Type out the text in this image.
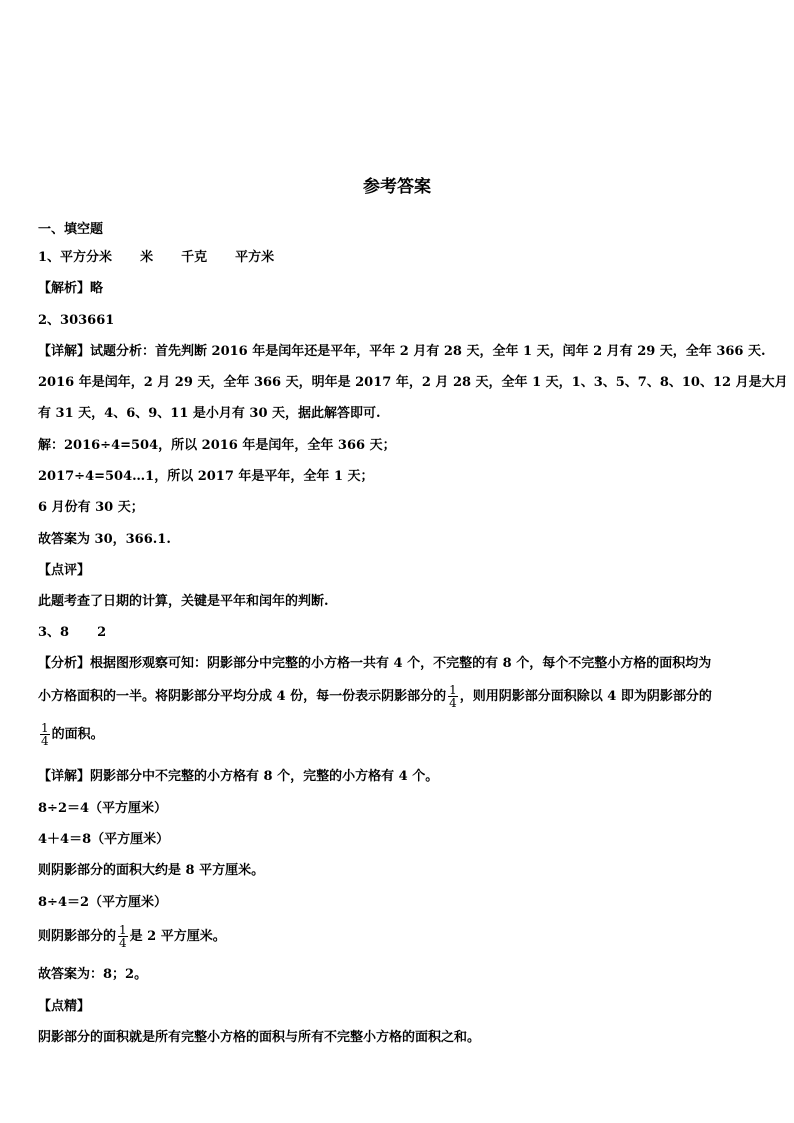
参考答案
一、填空题
1、平方分米 米 千克 平方米
【解析】略
2、303661
【详解】试题分析：首先判断 2016 年是闰年还是平年，平年 2 月有 28 天，全年 1 天，闰年 2 月有 29 天，全年 366 天.
2016 年是闰年，2 月 29 天，全年 366 天，明年是 2017 年，2 月 28 天，全年 1 天，1、3、5、7、8、10、12 月是大月
有 31 天，4、6、9、11 是小月有 30 天，据此解答即可.
解：2016÷4=504，所以 2016 年是闰年，全年 366 天；
2017÷4=504…1，所以 2017 年是平年，全年 1 天；
6 月份有 30 天；
故答案为 30，366.1.
【点评】
此题考查了日期的计算，关键是平年和闰年的判断.
3、8 2
【分析】根据图形观察可知：阴影部分中完整的小方格一共有 4 个，不完整的有 8 个，每个不完整小方格的面积均为
小方格面积的一半。将阴影部分平均分成 4 份，每一份表示阴影部分的 $\frac{1}{4}$ ，则用阴影部分面积除以 4 即为阴影部分的
$\frac{1}{4}$ 的面积。
【详解】阴影部分中不完整的小方格有 8 个，完整的小方格有 4 个。
8÷2＝4（平方厘米）
4＋4＝8（平方厘米）
则阴影部分的面积大约是 8 平方厘米。
8÷4＝2（平方厘米）
则阴影部分的 $\frac{1}{4}$ 是 2 平方厘米。
故答案为：8；2。
【点精】
阴影部分的面积就是所有完整小方格的面积与所有不完整小方格的面积之和。
